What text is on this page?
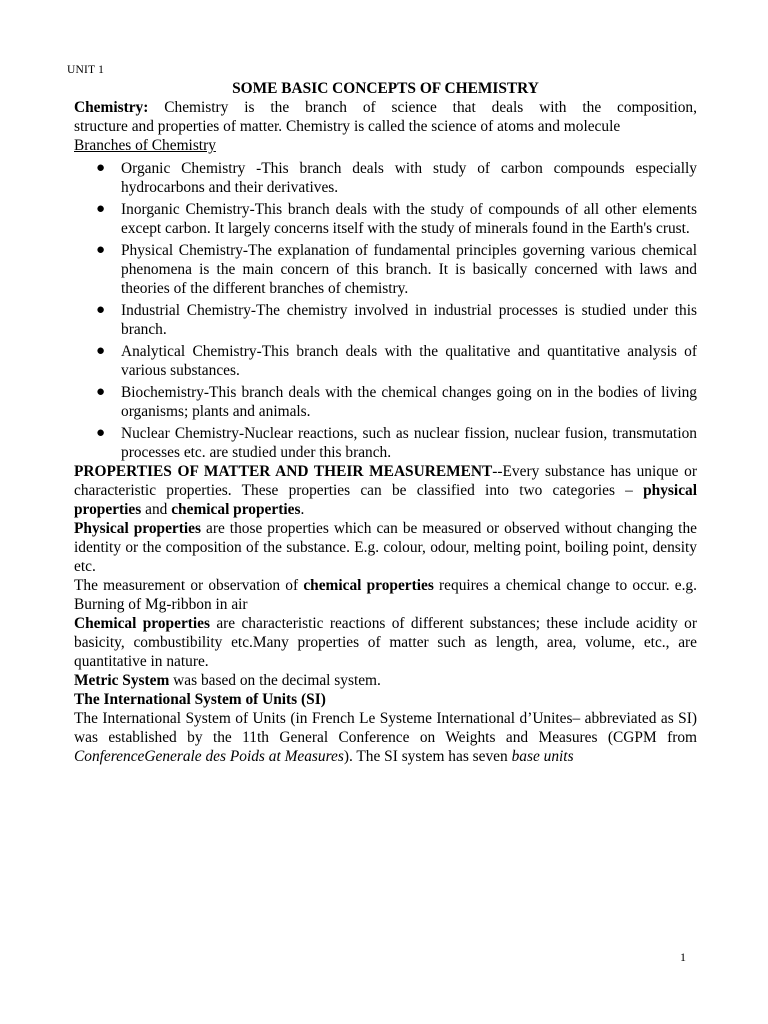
UNIT 1
SOME BASIC CONCEPTS OF CHEMISTRY

Chemistry: Chemistry is the branch of science that deals with the composition,

structure and properties of matter. Chemistry is called the science of atoms and molecule

Branches of Chemistry

● Organic Chemistry -This branch deals with study of carbon compounds especially hydrocarbons and their derivatives.
● Inorganic Chemistry-This branch deals with the study of compounds of all other elements except carbon. It largely concerns itself with the study of minerals found in the Earth's crust.
● Physical Chemistry-The explanation of fundamental principles governing various chemical phenomena is the main concern of this branch. It is basically concerned with laws and theories of the different branches of chemistry.
● Industrial Chemistry-The chemistry involved in industrial processes is studied under this branch.
● Analytical Chemistry-This branch deals with the qualitative and quantitative analysis of various substances.
● Biochemistry-This branch deals with the chemical changes going on in the bodies of living organisms; plants and animals.
● Nuclear Chemistry-Nuclear reactions, such as nuclear fission, nuclear fusion, transmutation processes etc. are studied under this branch.

PROPERTIES OF MATTER AND THEIR MEASUREMENT--Every substance has unique or characteristic properties. These properties can be classified into two categories – physical properties and chemical properties.

Physical properties are those properties which can be measured or observed without changing the identity or the composition of the substance. E.g. colour, odour, melting point, boiling point, density etc.

The measurement or observation of chemical properties requires a chemical change to occur. e.g. Burning of Mg-ribbon in air

Chemical properties are characteristic reactions of different substances; these include acidity or basicity, combustibility etc.Many properties of matter such as length, area, volume, etc., are quantitative in nature.

Metric System was based on the decimal system.

The International System of Units (SI)

The International System of Units (in French Le Systeme International d’Unites– abbreviated as SI) was established by the 11th General Conference on Weights and Measures (CGPM from ConferenceGenerale des Poids at Measures). The SI system has seven base units

1
